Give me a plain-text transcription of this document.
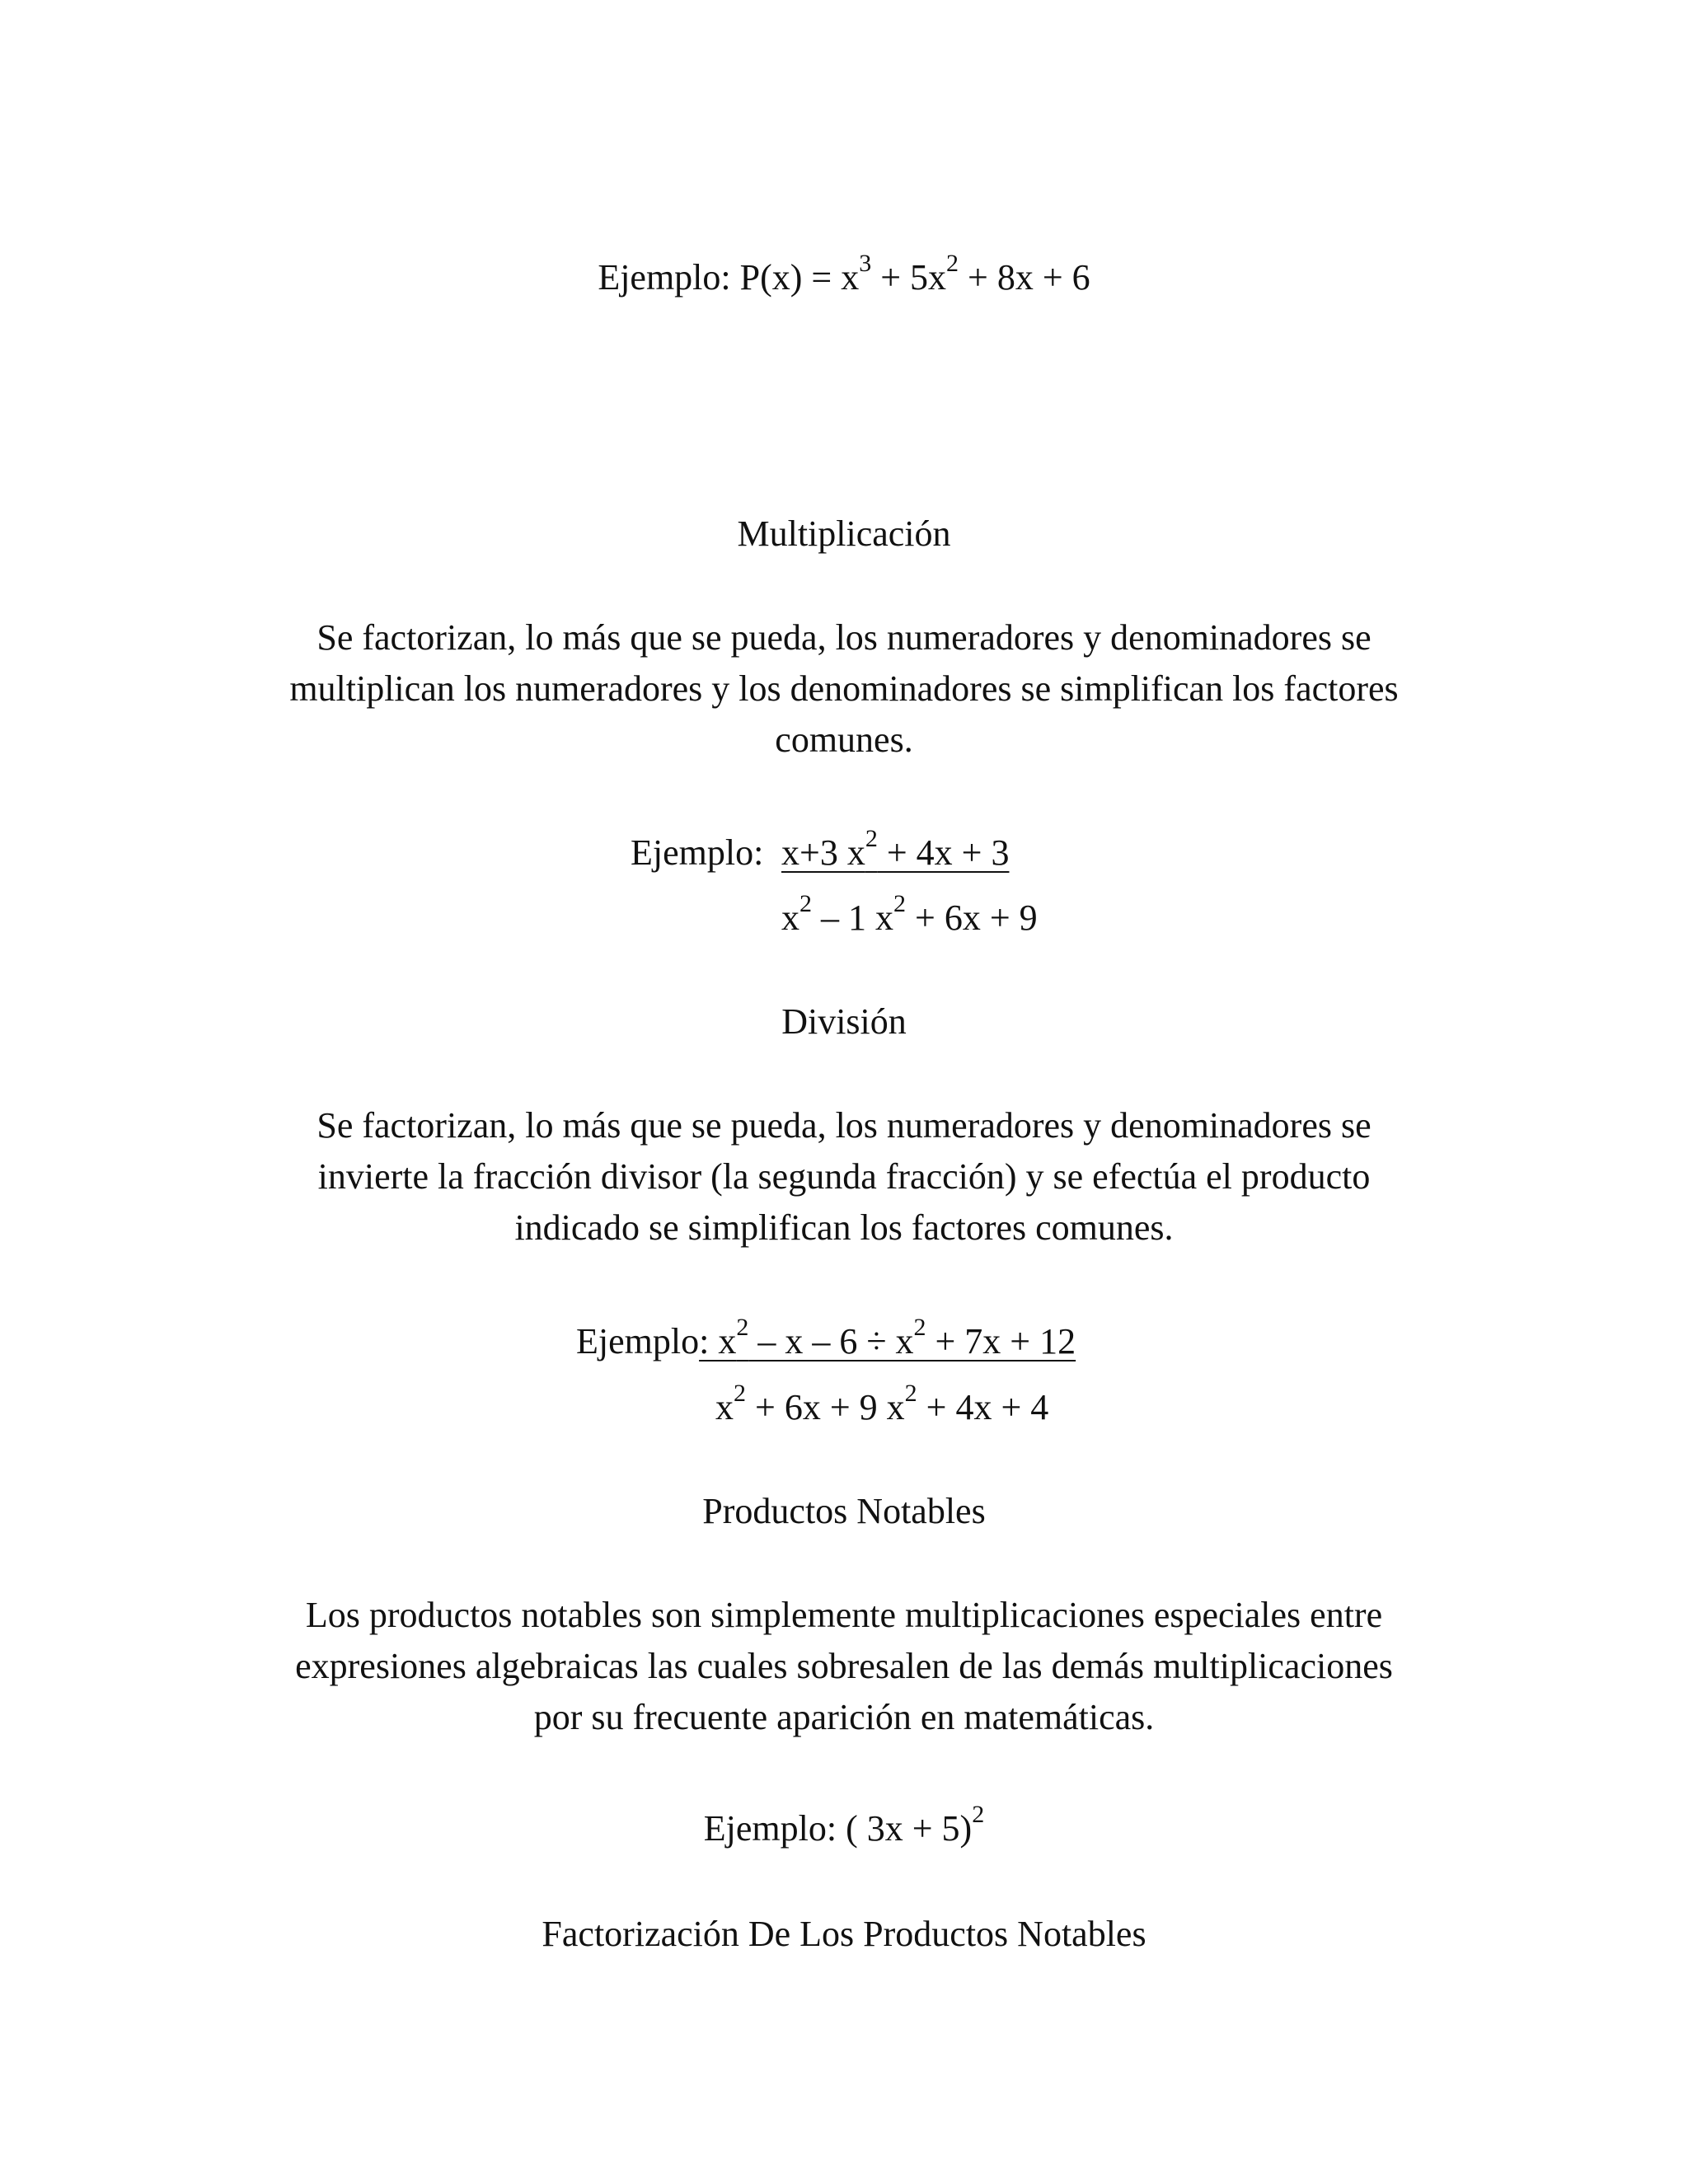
Ejemplo: $P(x) = x^3 + 5x^2 + 8x + 6$
Multiplicación
Se factorizan, lo más que se pueda, los numeradores y denominadores se
multiplican los numeradores y los denominadores se simplifican los factores
comunes.
Ejemplo: x+3 $x^2 + 4x + 3$
$x^2 - 1$ $x^2 + 6x + 9$
División
Se factorizan, lo más que se pueda, los numeradores y denominadores se
invierte la fracción divisor (la segunda fracción) y se efectúa el producto
indicado se simplifican los factores comunes.
Ejemplo: $x^2 - x - 6 \div x^2 + 7x + 12$
$x^2 + 6x + 9$ $x^2 + 4x + 4$
Productos Notables
Los productos notables son simplemente multiplicaciones especiales entre
expresiones algebraicas las cuales sobresalen de las demás multiplicaciones
por su frecuente aparición en matemáticas.
Ejemplo: ( 3x + 5)$^2$
Factorización De Los Productos Notables
